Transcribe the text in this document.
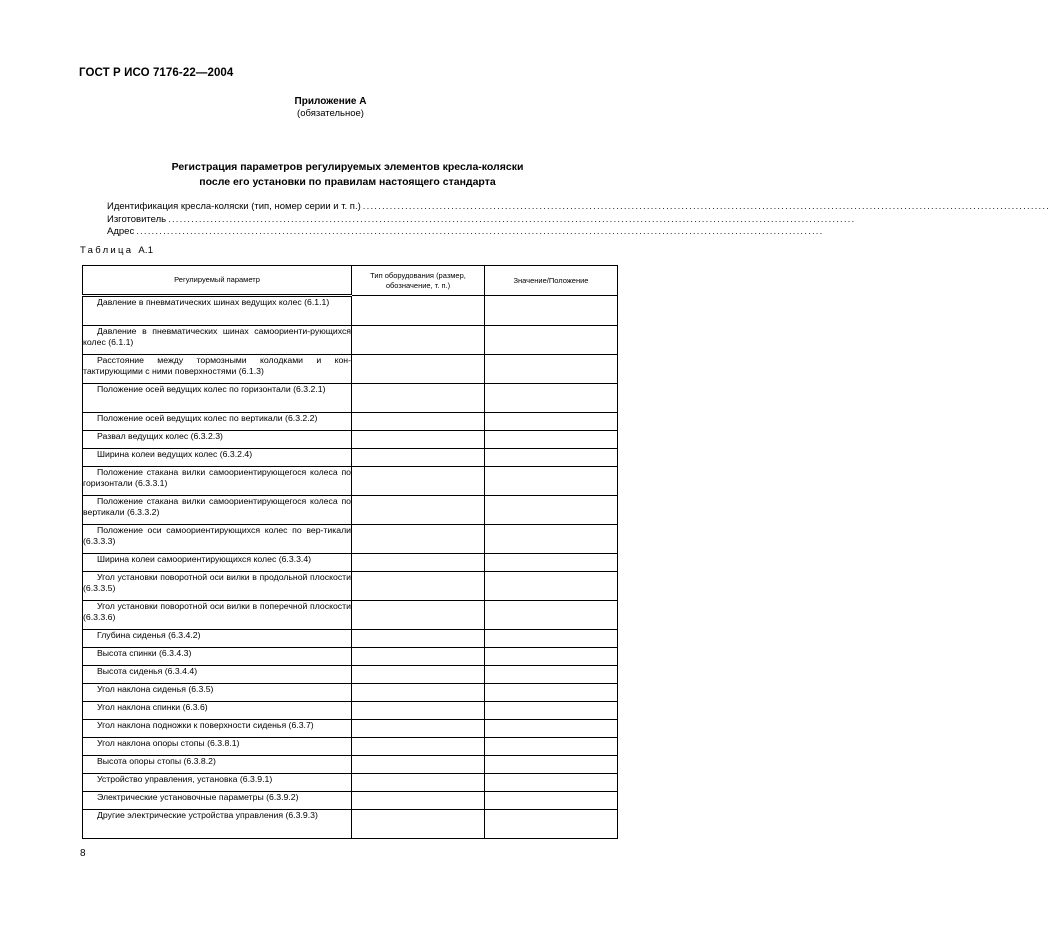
ГОСТ Р ИСО 7176-22—2004
Приложение А
(обязательное)
Регистрация параметров регулируемых элементов кресла-коляски
после его установки по правилам настоящего стандарта
Идентификация кресла-коляски (тип, номер серии и т. п.) ...................................................................................................................................................................................
Изготовитель ...................................................................................................................................................................................
Адрес ...................................................................................................................................................................................
Таблица А.1
Регулируемый параметр	Тип оборудования (размер, обозначение, т. п.)	Значение/Положение

Давление в пневматических шинах ведущих колес (6.1.1)		

Давление в пневматических шинах самоориенти-рующихся колес (6.1.1)		

Расстояние между тормозными колодками и кон-тактирующими с ними поверхностями (6.1.3)		

Положение осей ведущих колес по горизонтали (6.3.2.1)		

Положение осей ведущих колес по вертикали (6.3.2.2)		

Развал ведущих колес (6.3.2.3)		

Ширина колеи ведущих колес (6.3.2.4)		

Положение стакана вилки самоориентирующегося колеса по горизонтали (6.3.3.1)		

Положение стакана вилки самоориентирующегося колеса по вертикали (6.3.3.2)		

Положение оси самоориентирующихся колес по вер-тикали (6.3.3.3)		

Ширина колеи самоориентирующихся колес (6.3.3.4)		

Угол установки поворотной оси вилки в продольной плоскости (6.3.3.5)		

Угол установки поворотной оси вилки в поперечной плоскости (6.3.3.6)		

Глубина сиденья (6.3.4.2)		

Высота спинки (6.3.4.3)		

Высота сиденья (6.3.4.4)		

Угол наклона сиденья (6.3.5)		

Угол наклона спинки (6.3.6)		

Угол наклона подножки к поверхности сиденья (6.3.7)		

Угол наклона опоры стопы (6.3.8.1)		

Высота опоры стопы (6.3.8.2)		

Устройство управления, установка (6.3.9.1)		

Электрические установочные параметры (6.3.9.2)		

Другие электрические устройства управления (6.3.9.3)		

8
